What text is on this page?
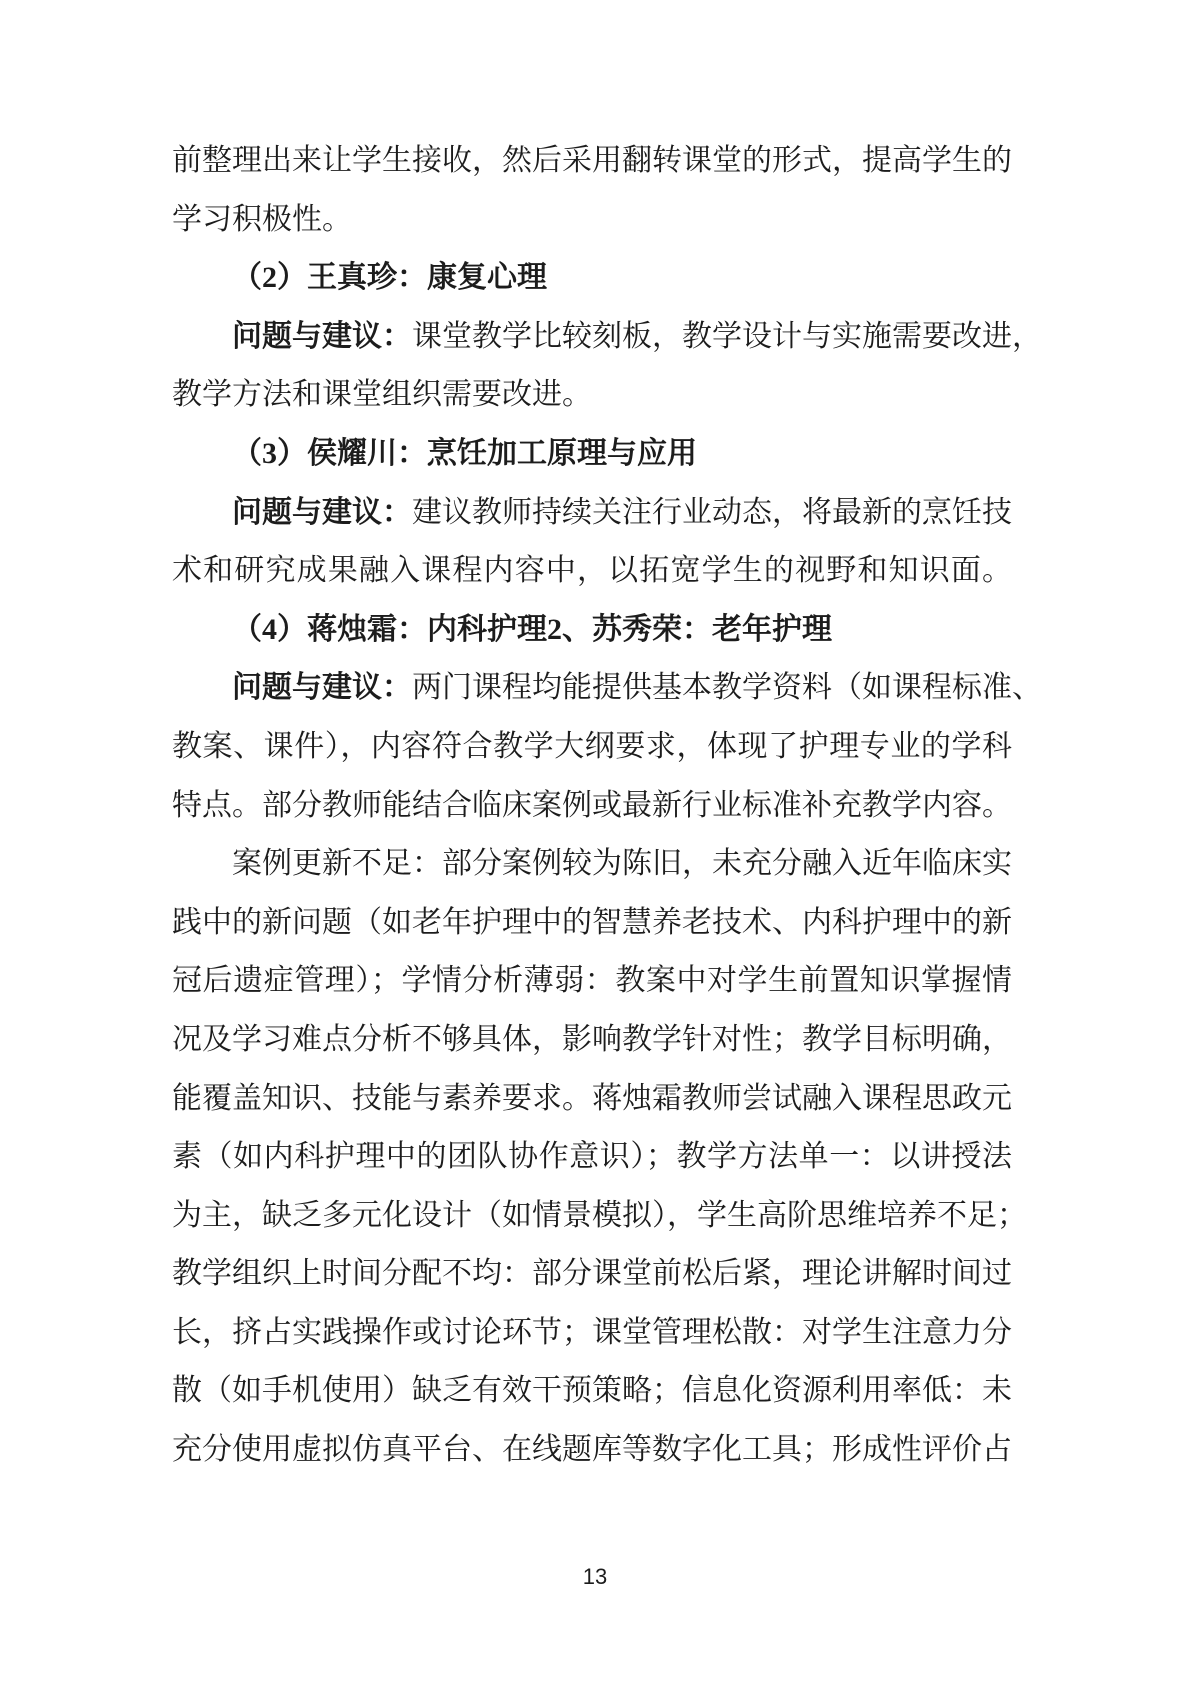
前整理出来让学生接收，然后采用翻转课堂的形式，提高学生的
学习积极性。
（2）王真珍：康复心理
问题与建议：课堂教学比较刻板，教学设计与实施需要改进，
教学方法和课堂组织需要改进。
（3）侯耀川：烹饪加工原理与应用
问题与建议：建议教师持续关注行业动态，将最新的烹饪技
术和研究成果融入课程内容中，以拓宽学生的视野和知识面。
（4）蒋烛霜：内科护理2、苏秀荣：老年护理
问题与建议：两门课程均能提供基本教学资料（如课程标准、
教案、课件），内容符合教学大纲要求，体现了护理专业的学科
特点。部分教师能结合临床案例或最新行业标准补充教学内容。
案例更新不足：部分案例较为陈旧，未充分融入近年临床实
践中的新问题（如老年护理中的智慧养老技术、内科护理中的新
冠后遗症管理）；学情分析薄弱：教案中对学生前置知识掌握情
况及学习难点分析不够具体，影响教学针对性；教学目标明确，
能覆盖知识、技能与素养要求。蒋烛霜教师尝试融入课程思政元
素（如内科护理中的团队协作意识）；教学方法单一：以讲授法
为主，缺乏多元化设计（如情景模拟），学生高阶思维培养不足；
教学组织上时间分配不均：部分课堂前松后紧，理论讲解时间过
长，挤占实践操作或讨论环节；课堂管理松散：对学生注意力分
散（如手机使用）缺乏有效干预策略；信息化资源利用率低：未
充分使用虚拟仿真平台、在线题库等数字化工具；形成性评价占
13
